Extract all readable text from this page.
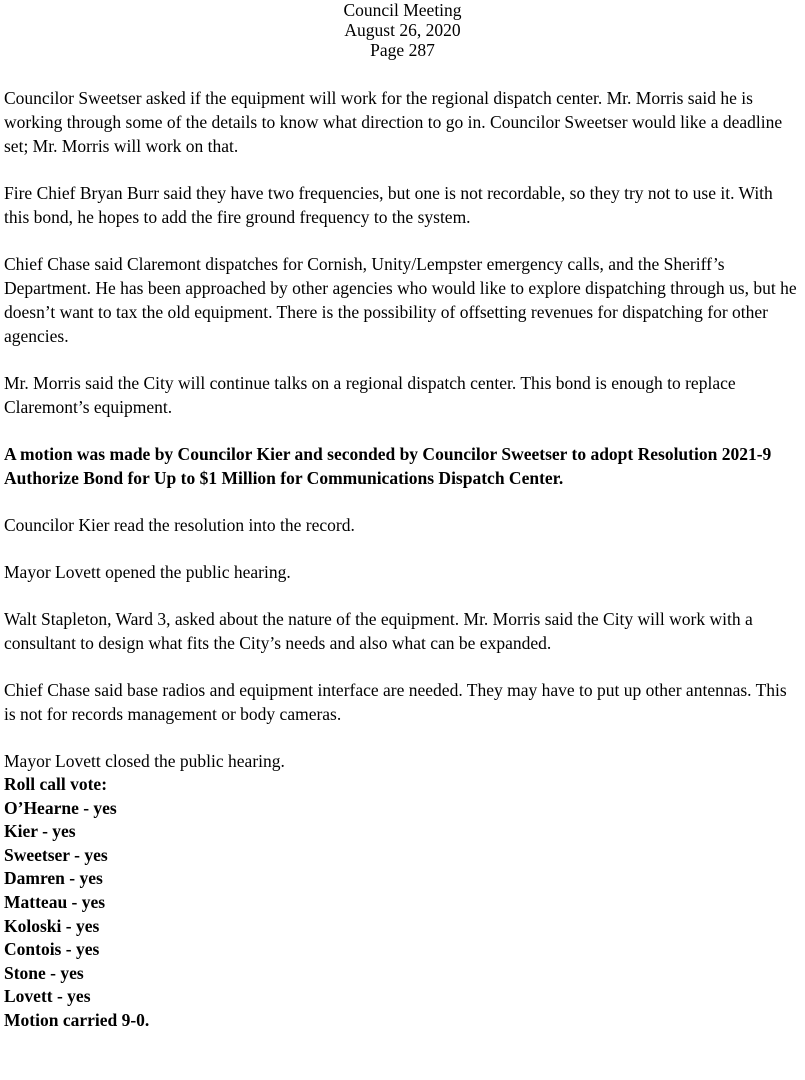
Council Meeting
August 26, 2020
Page 287

Councilor Sweetser asked if the equipment will work for the regional dispatch center. Mr. Morris said he is working through some of the details to know what direction to go in. Councilor Sweetser would like a deadline set; Mr. Morris will work on that.

Fire Chief Bryan Burr said they have two frequencies, but one is not recordable, so they try not to use it. With this bond, he hopes to add the fire ground frequency to the system.

Chief Chase said Claremont dispatches for Cornish, Unity/Lempster emergency calls, and the Sheriff’s Department. He has been approached by other agencies who would like to explore dispatching through us, but he doesn’t want to tax the old equipment. There is the possibility of offsetting revenues for dispatching for other agencies.

Mr. Morris said the City will continue talks on a regional dispatch center. This bond is enough to replace Claremont’s equipment.

A motion was made by Councilor Kier and seconded by Councilor Sweetser to adopt Resolution 2021-9 Authorize Bond for Up to $1 Million for Communications Dispatch Center.

Councilor Kier read the resolution into the record.

Mayor Lovett opened the public hearing.

Walt Stapleton, Ward 3, asked about the nature of the equipment. Mr. Morris said the City will work with a consultant to design what fits the City’s needs and also what can be expanded.

Chief Chase said base radios and equipment interface are needed. They may have to put up other antennas. This is not for records management or body cameras.

Mayor Lovett closed the public hearing.

Roll call vote:
O’Hearne - yes
Kier - yes
Sweetser - yes
Damren - yes
Matteau - yes
Koloski - yes
Contois - yes
Stone - yes
Lovett - yes
Motion carried 9-0.
